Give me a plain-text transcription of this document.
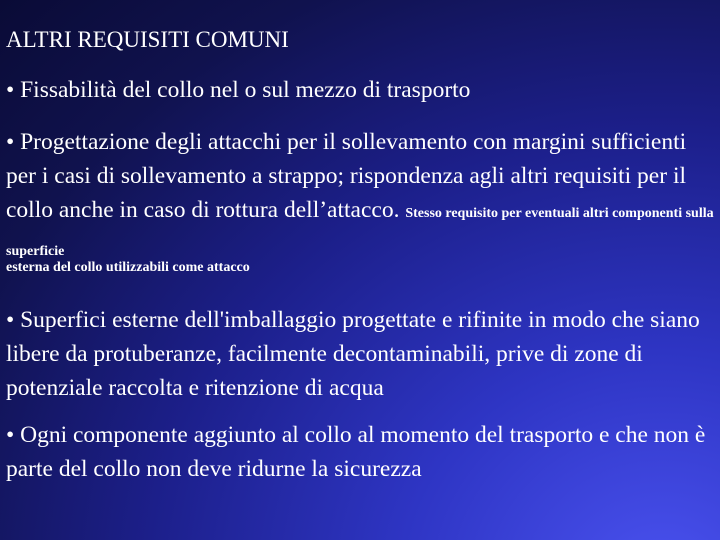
ALTRI REQUISITI COMUNI
• Fissabilità del collo nel o sul mezzo di trasporto
• Progettazione degli attacchi per il sollevamento con margini sufficienti per i casi di sollevamento a strappo; rispondenza agli altri requisiti per il collo anche in caso di rottura dell’attacco. Stesso requisito per eventuali altri componenti sulla superficie
esterna del collo utilizzabili come attacco
• Superfici esterne dell'imballaggio progettate e rifinite in modo che siano libere da protuberanze, facilmente decontaminabili, prive di zone di potenziale raccolta e ritenzione di acqua
• Ogni componente aggiunto al collo al momento del trasporto e che non è parte del collo non deve ridurne la sicurezza
